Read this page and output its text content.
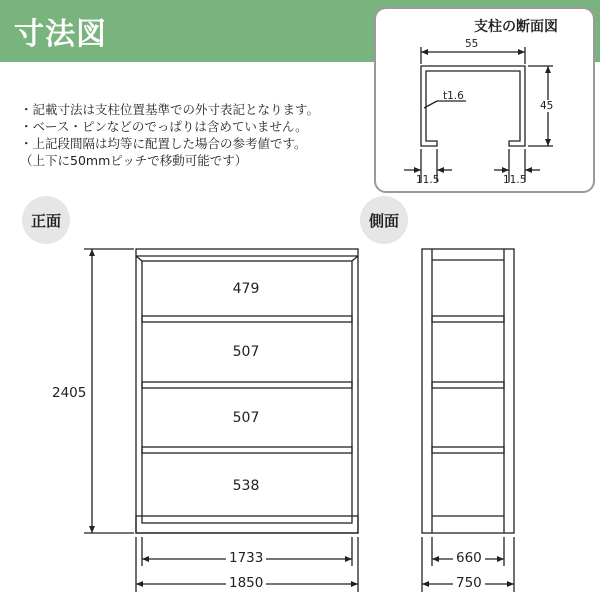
寸法図	支柱の断面図
・記載寸法は支柱位置基準での外寸表記となります。
・ベース・ピンなどのでっぱりは含めていません。
・上記段間隔は均等に配置した場合の参考値です。
（上下に50mmピッチで移動可能です）
正面	側面
55
45
t1.6
11.5	11.5
479
507
507
538
2405
1733
1850
660
750
